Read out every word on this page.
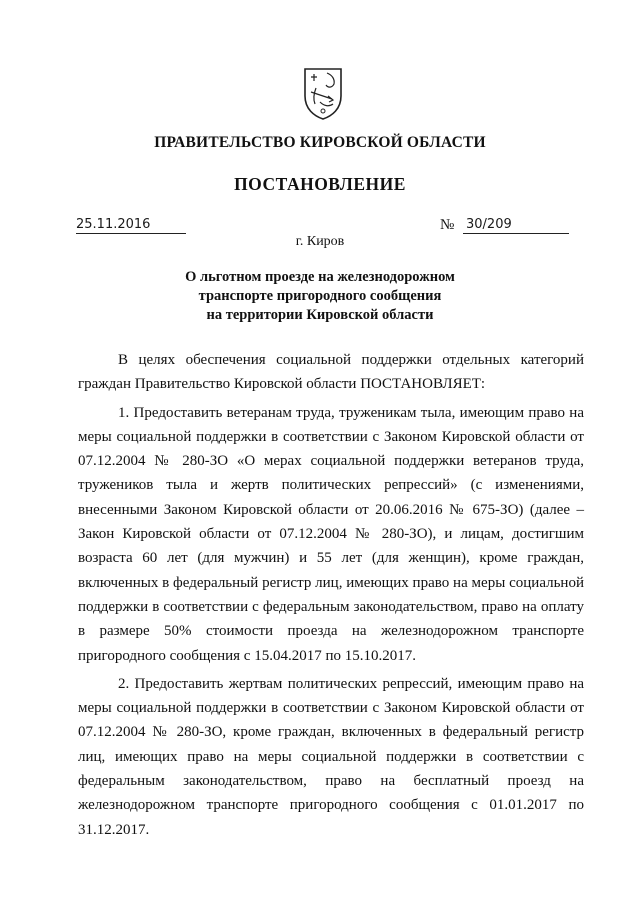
ПРАВИТЕЛЬСТВО КИРОВСКОЙ ОБЛАСТИ
ПОСТАНОВЛЕНИЕ
25.11.2016	№ 30/209
г. Киров
О льготном проезде на железнодорожном
транспорте пригородного сообщения
на территории Кировской области

В целях обеспечения социальной поддержки отдельных категорий граждан Правительство Кировской области ПОСТАНОВЛЯЕТ:

1. Предоставить ветеранам труда, труженикам тыла, имеющим право на меры социальной поддержки в соответствии с Законом Кировской области от 07.12.2004 № 280-ЗО «О мерах социальной поддержки ветеранов труда, тружеников тыла и жертв политических репрессий» (с изменениями, внесенными Законом Кировской области от 20.06.2016 № 675-ЗО) (далее – Закон Кировской области от 07.12.2004 № 280-ЗО), и лицам, достигшим возраста 60 лет (для мужчин) и 55 лет (для женщин), кроме граждан, включенных в федеральный регистр лиц, имеющих право на меры социальной поддержки в соответствии с федеральным законодательством, право на оплату в размере 50% стоимости проезда на железнодорожном транспорте пригородного сообщения с 15.04.2017 по 15.10.2017.

2. Предоставить жертвам политических репрессий, имеющим право на меры социальной поддержки в соответствии с Законом Кировской области от 07.12.2004 № 280-ЗО, кроме граждан, включенных в федеральный регистр лиц, имеющих право на меры социальной поддержки в соответствии с федеральным законодательством, право на бесплатный проезд на железнодорожном транспорте пригородного сообщения с 01.01.2017 по 31.12.2017.
